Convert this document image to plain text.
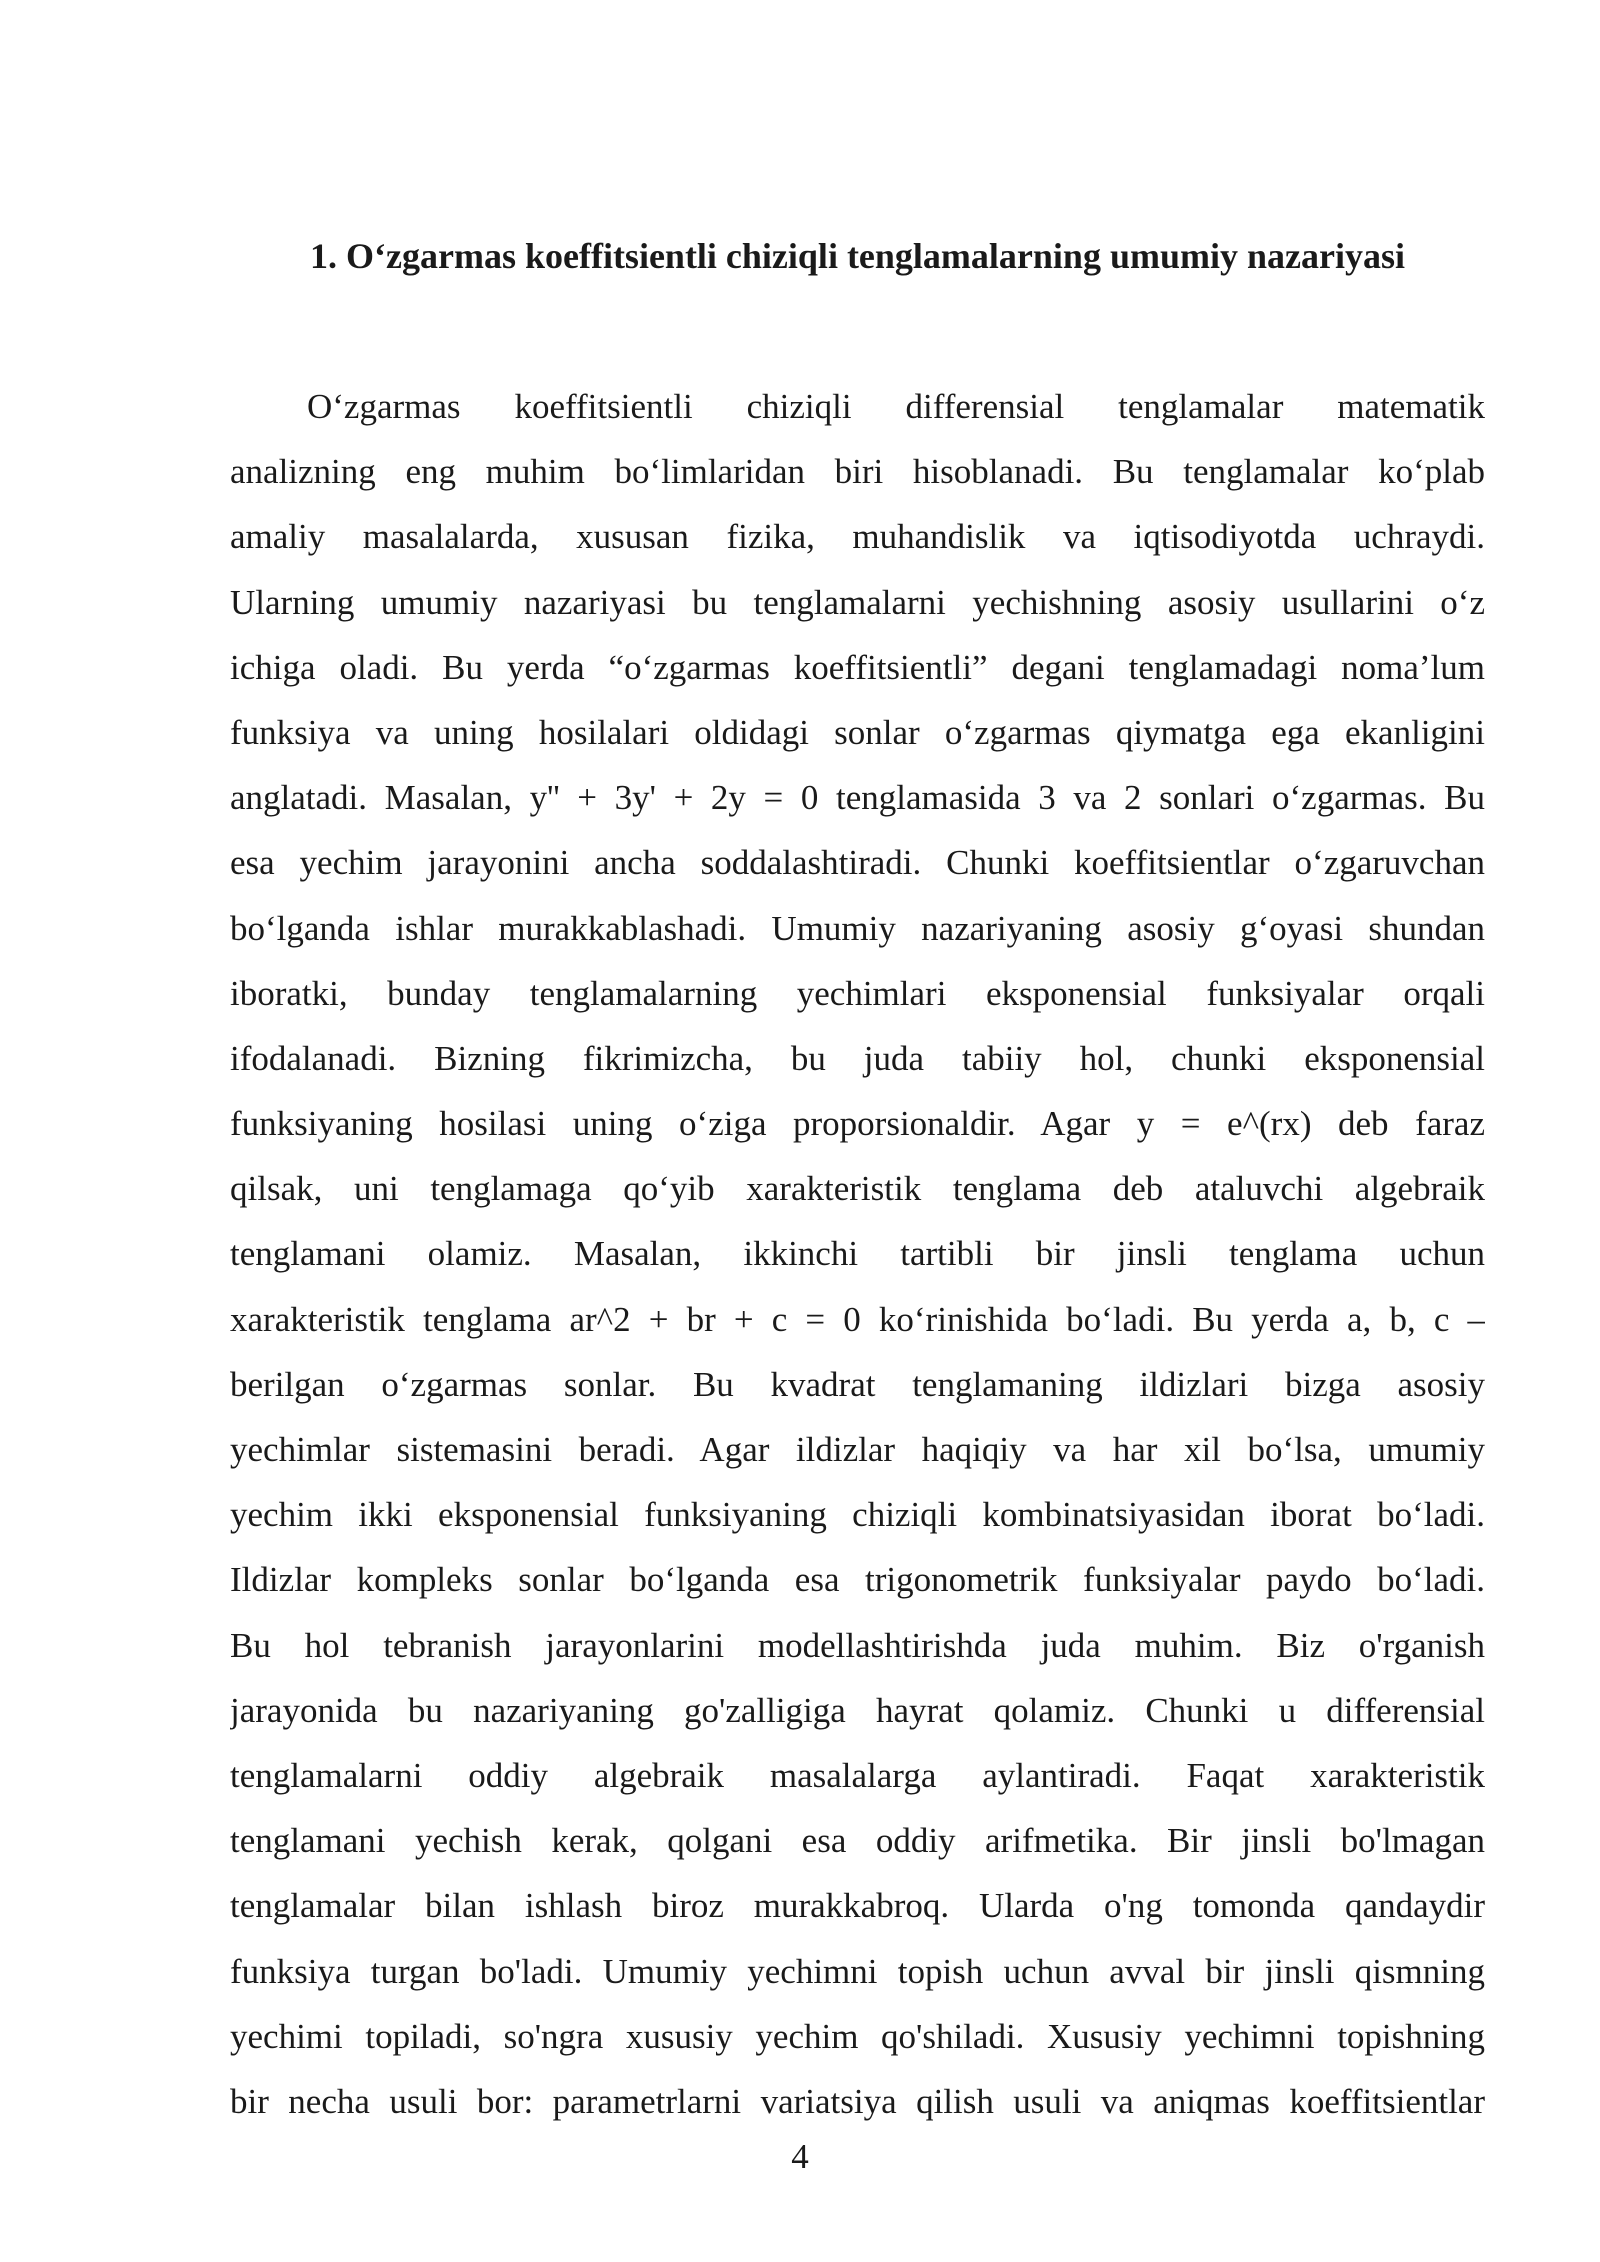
1. O‘zgarmas koeffitsientli chiziqli tenglamalarning umumiy nazariyasi
O‘zgarmas koeffitsientli chiziqli differensial tenglamalar matematik
analizning eng muhim bo‘limlaridan biri hisoblanadi. Bu tenglamalar ko‘plab
amaliy masalalarda, xususan fizika, muhandislik va iqtisodiyotda uchraydi.
Ularning umumiy nazariyasi bu tenglamalarni yechishning asosiy usullarini o‘z
ichiga oladi. Bu yerda “o‘zgarmas koeffitsientli” degani tenglamadagi noma’lum
funksiya va uning hosilalari oldidagi sonlar o‘zgarmas qiymatga ega ekanligini
anglatadi. Masalan, y'' + 3y' + 2y = 0 tenglamasida 3 va 2 sonlari o‘zgarmas. Bu
esa yechim jarayonini ancha soddalashtiradi. Chunki koeffitsientlar o‘zgaruvchan
bo‘lganda ishlar murakkablashadi. Umumiy nazariyaning asosiy g‘oyasi shundan
iboratki, bunday tenglamalarning yechimlari eksponensial funksiyalar orqali
ifodalanadi. Bizning fikrimizcha, bu juda tabiiy hol, chunki eksponensial
funksiyaning hosilasi uning o‘ziga proporsionaldir. Agar y = e^(rx) deb faraz
qilsak, uni tenglamaga qo‘yib xarakteristik tenglama deb ataluvchi algebraik
tenglamani olamiz. Masalan, ikkinchi tartibli bir jinsli tenglama uchun
xarakteristik tenglama ar^2 + br + c = 0 ko‘rinishida bo‘ladi. Bu yerda a, b, c –
berilgan o‘zgarmas sonlar. Bu kvadrat tenglamaning ildizlari bizga asosiy
yechimlar sistemasini beradi. Agar ildizlar haqiqiy va har xil bo‘lsa, umumiy
yechim ikki eksponensial funksiyaning chiziqli kombinatsiyasidan iborat bo‘ladi.
Ildizlar kompleks sonlar bo‘lganda esa trigonometrik funksiyalar paydo bo‘ladi.
Bu hol tebranish jarayonlarini modellashtirishda juda muhim. Biz o'rganish
jarayonida bu nazariyaning go'zalligiga hayrat qolamiz. Chunki u differensial
tenglamalarni oddiy algebraik masalalarga aylantiradi. Faqat xarakteristik
tenglamani yechish kerak, qolgani esa oddiy arifmetika. Bir jinsli bo'lmagan
tenglamalar bilan ishlash biroz murakkabroq. Ularda o'ng tomonda qandaydir
funksiya turgan bo'ladi. Umumiy yechimni topish uchun avval bir jinsli qismning
yechimi topiladi, so'ngra xususiy yechim qo'shiladi. Xususiy yechimni topishning
bir necha usuli bor: parametrlarni variatsiya qilish usuli va aniqmas koeffitsientlar

4
